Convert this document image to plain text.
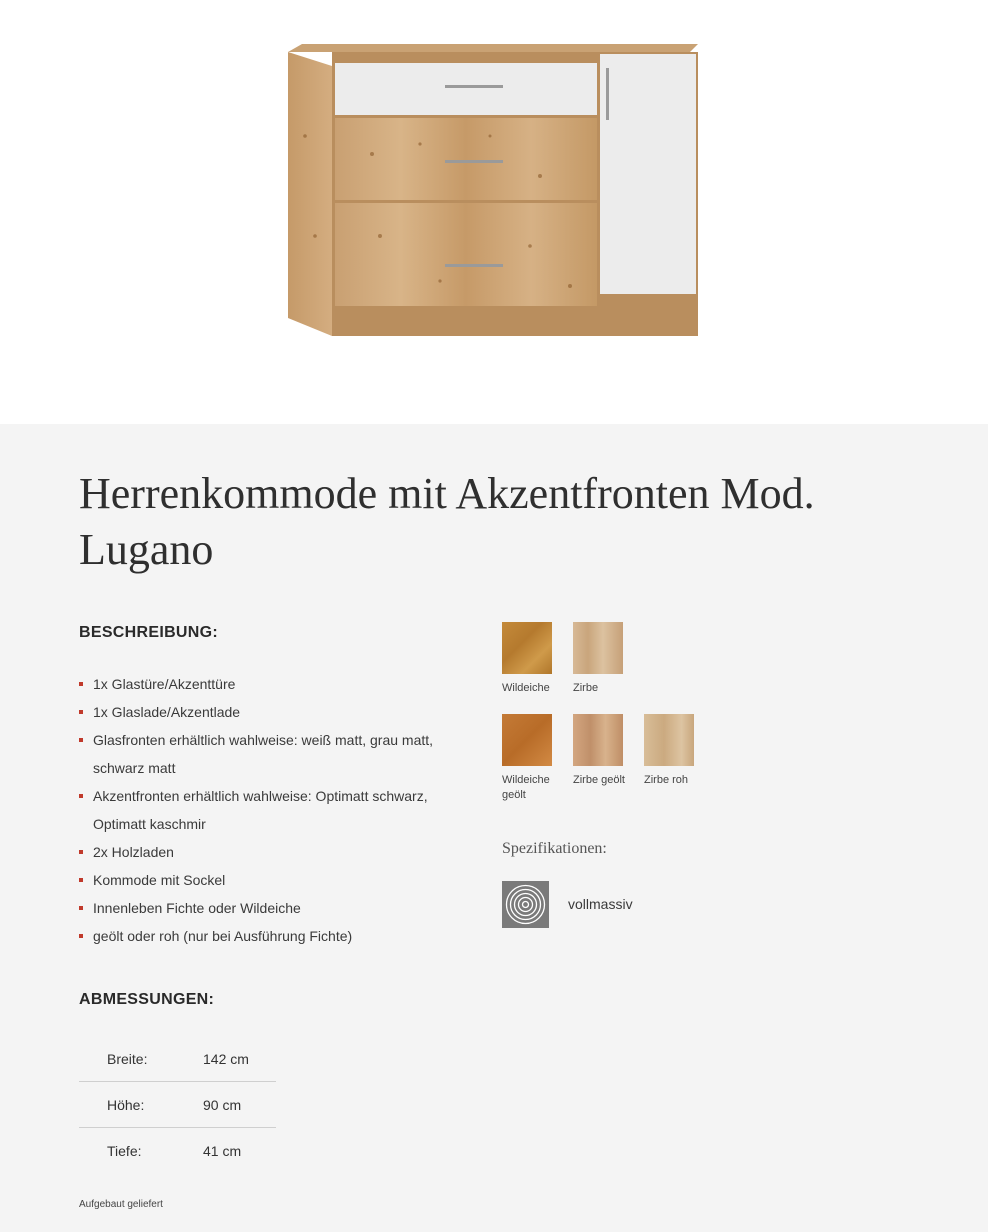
Herrenkommode mit Akzentfronten Mod. Lugano
BESCHREIBUNG:
1x Glastüre/Akzenttüre
1x Glaslade/Akzentlade
Glasfronten erhältlich wahlweise: weiß matt, grau matt, schwarz matt
Akzentfronten erhältlich wahlweise: Optimatt schwarz, Optimatt kaschmir
2x Holzladen
Kommode mit Sockel
Innenleben Fichte oder Wildeiche
geölt oder roh (nur bei Ausführung Fichte)
ABMESSUNGEN:
Breite:	142 cm
Höhe:	90 cm
Tiefe:	41 cm
Aufgebaut geliefert
Wildeiche	Zirbe
Wildeiche geölt
Zirbe geölt	Zirbe roh
Spezifikationen:
vollmassiv
